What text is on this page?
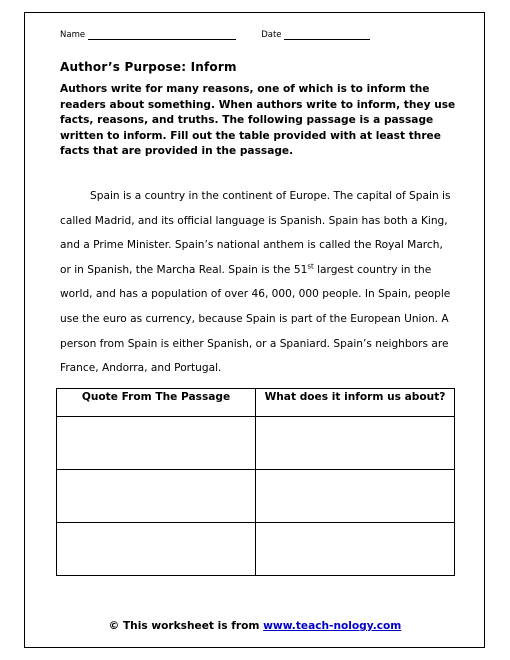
Name	Date
Author’s Purpose: Inform
Authors write for many reasons, one of which is to inform the readers about something. When authors write to inform, they use facts, reasons, and truths. The following passage is a passage written to inform. Fill out the table provided with at least three facts that are provided in the passage.

Spain is a country in the continent of Europe. The capital of Spain is called Madrid, and its official language is Spanish. Spain has both a King, and a Prime Minister. Spain’s national anthem is called the Royal March, or in Spanish, the Marcha Real. Spain is the 51st largest country in the world, and has a population of over 46, 000, 000 people. In Spain, people use the euro as currency, because Spain is part of the European Union. A person from Spain is either Spanish, or a Spaniard. Spain’s neighbors are France, Andorra, and Portugal.

Quote From The Passage	What does it inform us about?

© This worksheet is from www.teach-nology.com
